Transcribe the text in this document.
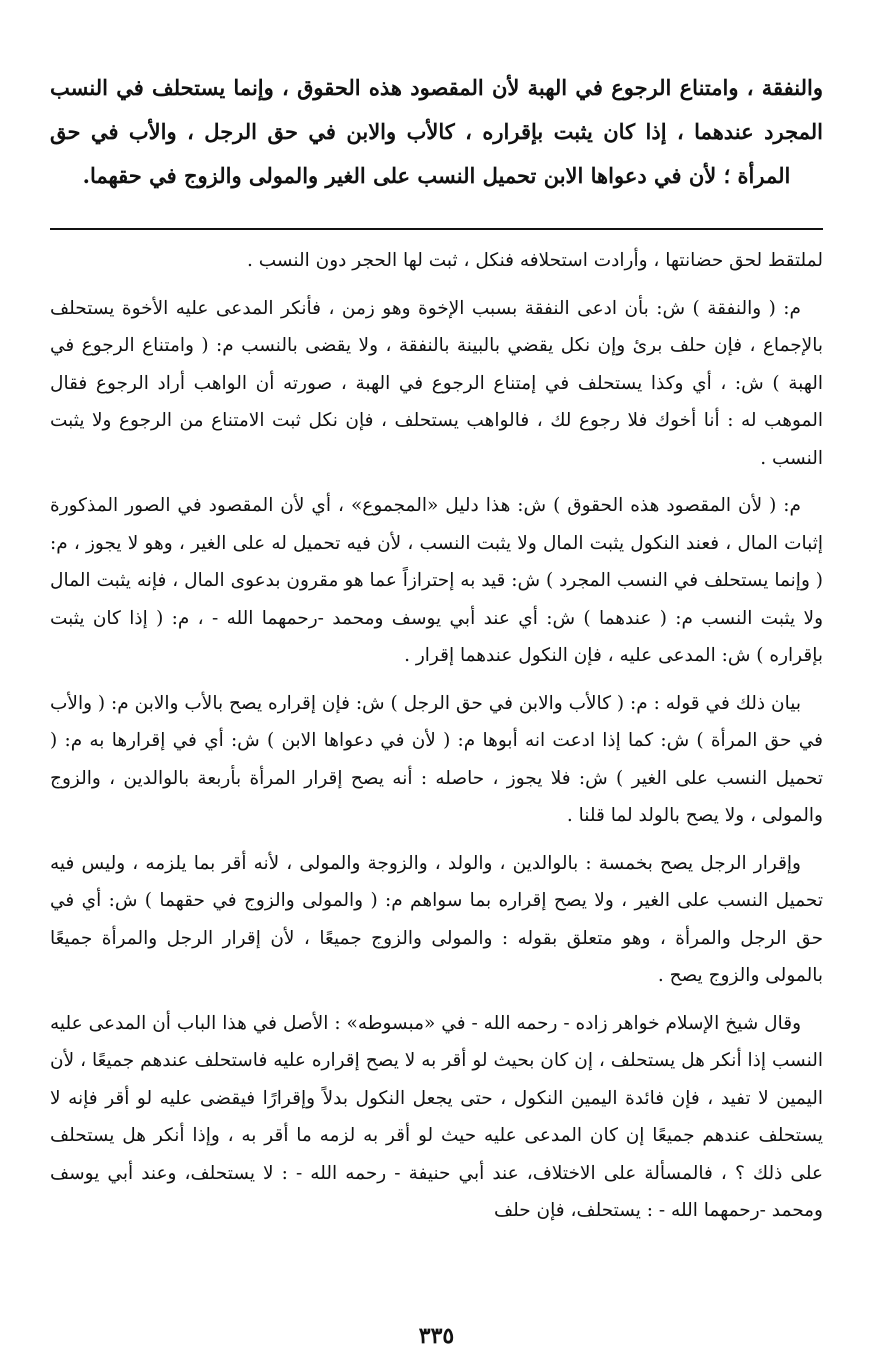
والنفقة ، وامتناع الرجوع في الهبة لأن المقصود هذه الحقوق ، وإنما يستحلف في النسب المجرد عندهما ، إذا كان يثبت بإقراره ، كالأب والابن في حق الرجل ، والأب في حق المرأة ؛ لأن في دعواها الابن تحميل النسب على الغير والمولى والزوج في حقهما.

لملتقط لحق حضانتها ، وأرادت استحلافه فنكل ، ثبت لها الحجر دون النسب .

م: ( والنفقة ) ش: بأن ادعى النفقة بسبب الإخوة وهو زمن ، فأنكر المدعى عليه الأخوة يستحلف بالإجماع ، فإن حلف برئ وإن نكل يقضي بالبينة بالنفقة ، ولا يقضى بالنسب م: ( وامتناع الرجوع في الهبة ) ش: ، أي وكذا يستحلف في إمتناع الرجوع في الهبة ، صورته أن الواهب أراد الرجوع فقال الموهب له : أنا أخوك فلا رجوع لك ، فالواهب يستحلف ، فإن نكل ثبت الامتناع من الرجوع ولا يثبت النسب .

م: ( لأن المقصود هذه الحقوق ) ش: هذا دليل «المجموع» ، أي لأن المقصود في الصور المذكورة إثبات المال ، فعند النكول يثبت المال ولا يثبت النسب ، لأن فيه تحميل له على الغير ، وهو لا يجوز ، م: ( وإنما يستحلف في النسب المجرد ) ش: قيد به إحترازاً عما هو مقرون بدعوى المال ، فإنه يثبت المال ولا يثبت النسب م: ( عندهما ) ش: أي عند أبي يوسف ومحمد -رحمهما الله - ، م: ( إذا كان يثبت بإقراره ) ش: المدعى عليه ، فإن النكول عندهما إقرار .

بيان ذلك في قوله : م: ( كالأب والابن في حق الرجل ) ش: فإن إقراره يصح بالأب والابن م: ( والأب في حق المرأة ) ش: كما إذا ادعت انه أبوها م: ( لأن في دعواها الابن ) ش: أي في إقرارها به م: ( تحميل النسب على الغير ) ش: فلا يجوز ، حاصله : أنه يصح إقرار المرأة بأربعة بالوالدين ، والزوج والمولى ، ولا يصح بالولد لما قلنا .

وإقرار الرجل يصح بخمسة : بالوالدين ، والولد ، والزوجة والمولى ، لأنه أقر بما يلزمه ، وليس فيه تحميل النسب على الغير ، ولا يصح إقراره بما سواهم م: ( والمولى والزوج في حقهما ) ش: أي في حق الرجل والمرأة ، وهو متعلق بقوله : والمولى والزوج جميعًا ، لأن إقرار الرجل والمرأة جميعًا بالمولى والزوج يصح .

وقال شيخ الإسلام خواهر زاده - رحمه الله - في «مبسوطه» : الأصل في هذا الباب أن المدعى عليه النسب إذا أنكر هل يستحلف ، إن كان بحيث لو أقر به لا يصح إقراره عليه فاستحلف عندهم جميعًا ، لأن اليمين لا تفيد ، فإن فائدة اليمين النكول ، حتى يجعل النكول بدلاً وإقرارًا فيقضى عليه لو أقر فإنه لا يستحلف عندهم جميعًا إن كان المدعى عليه حيث لو أقر به لزمه ما أقر به ، وإذا أنكر هل يستحلف على ذلك ؟ ، فالمسألة على الاختلاف، عند أبي حنيفة - رحمه الله - : لا يستحلف، وعند أبي يوسف ومحمد -رحمهما الله - : يستحلف، فإن حلف

٣٣٥
